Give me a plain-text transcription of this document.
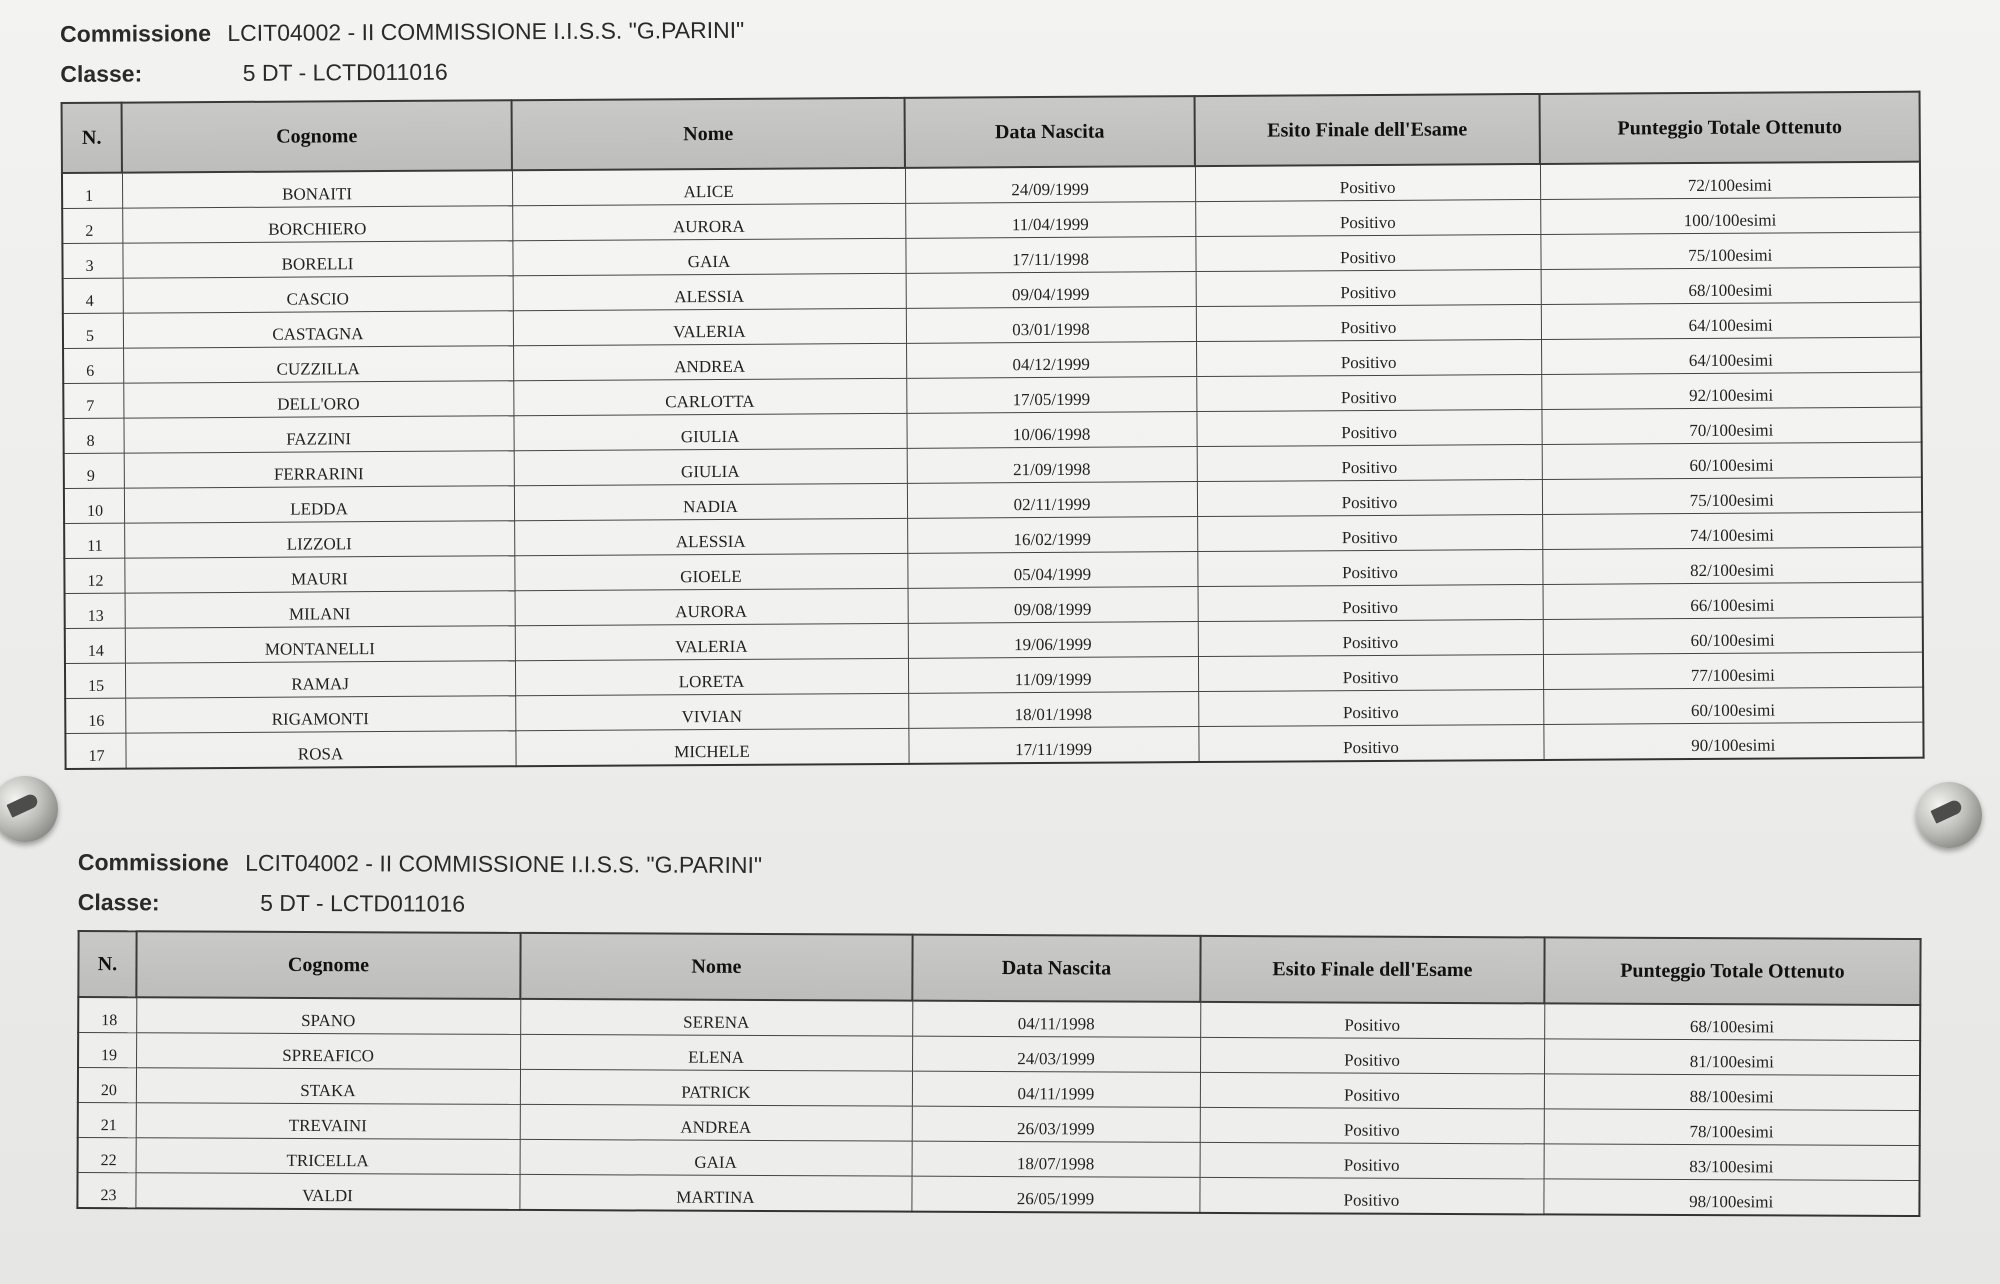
Commissione LCIT04002 - II COMMISSIONE I.I.S.S. "G.PARINI"
Classe:	5 DT - LCTD011016
N.	Cognome	Nome	Data Nascita	Esito Finale dell'Esame	Punteggio Totale Ottenuto
1	BONAITI	ALICE	24/09/1999	Positivo	72/100esimi
2	BORCHIERO	AURORA	11/04/1999	Positivo	100/100esimi
3	BORELLI	GAIA	17/11/1998	Positivo	75/100esimi
4	CASCIO	ALESSIA	09/04/1999	Positivo	68/100esimi
5	CASTAGNA	VALERIA	03/01/1998	Positivo	64/100esimi
6	CUZZILLA	ANDREA	04/12/1999	Positivo	64/100esimi
7	DELL'ORO	CARLOTTA	17/05/1999	Positivo	92/100esimi
8	FAZZINI	GIULIA	10/06/1998	Positivo	70/100esimi
9	FERRARINI	GIULIA	21/09/1998	Positivo	60/100esimi
10	LEDDA	NADIA	02/11/1999	Positivo	75/100esimi
11	LIZZOLI	ALESSIA	16/02/1999	Positivo	74/100esimi
12	MAURI	GIOELE	05/04/1999	Positivo	82/100esimi
13	MILANI	AURORA	09/08/1999	Positivo	66/100esimi
14	MONTANELLI	VALERIA	19/06/1999	Positivo	60/100esimi
15	RAMAJ	LORETA	11/09/1999	Positivo	77/100esimi
16	RIGAMONTI	VIVIAN	18/01/1998	Positivo	60/100esimi
17	ROSA	MICHELE	17/11/1999	Positivo	90/100esimi
Commissione LCIT04002 - II COMMISSIONE I.I.S.S. "G.PARINI"
Classe:	5 DT - LCTD011016
N.	Cognome	Nome	Data Nascita	Esito Finale dell'Esame	Punteggio Totale Ottenuto
18	SPANO	SERENA	04/11/1998	Positivo	68/100esimi
19	SPREAFICO	ELENA	24/03/1999	Positivo	81/100esimi
20	STAKA	PATRICK	04/11/1999	Positivo	88/100esimi
21	TREVAINI	ANDREA	26/03/1999	Positivo	78/100esimi
22	TRICELLA	GAIA	18/07/1998	Positivo	83/100esimi
23	VALDI	MARTINA	26/05/1999	Positivo	98/100esimi
